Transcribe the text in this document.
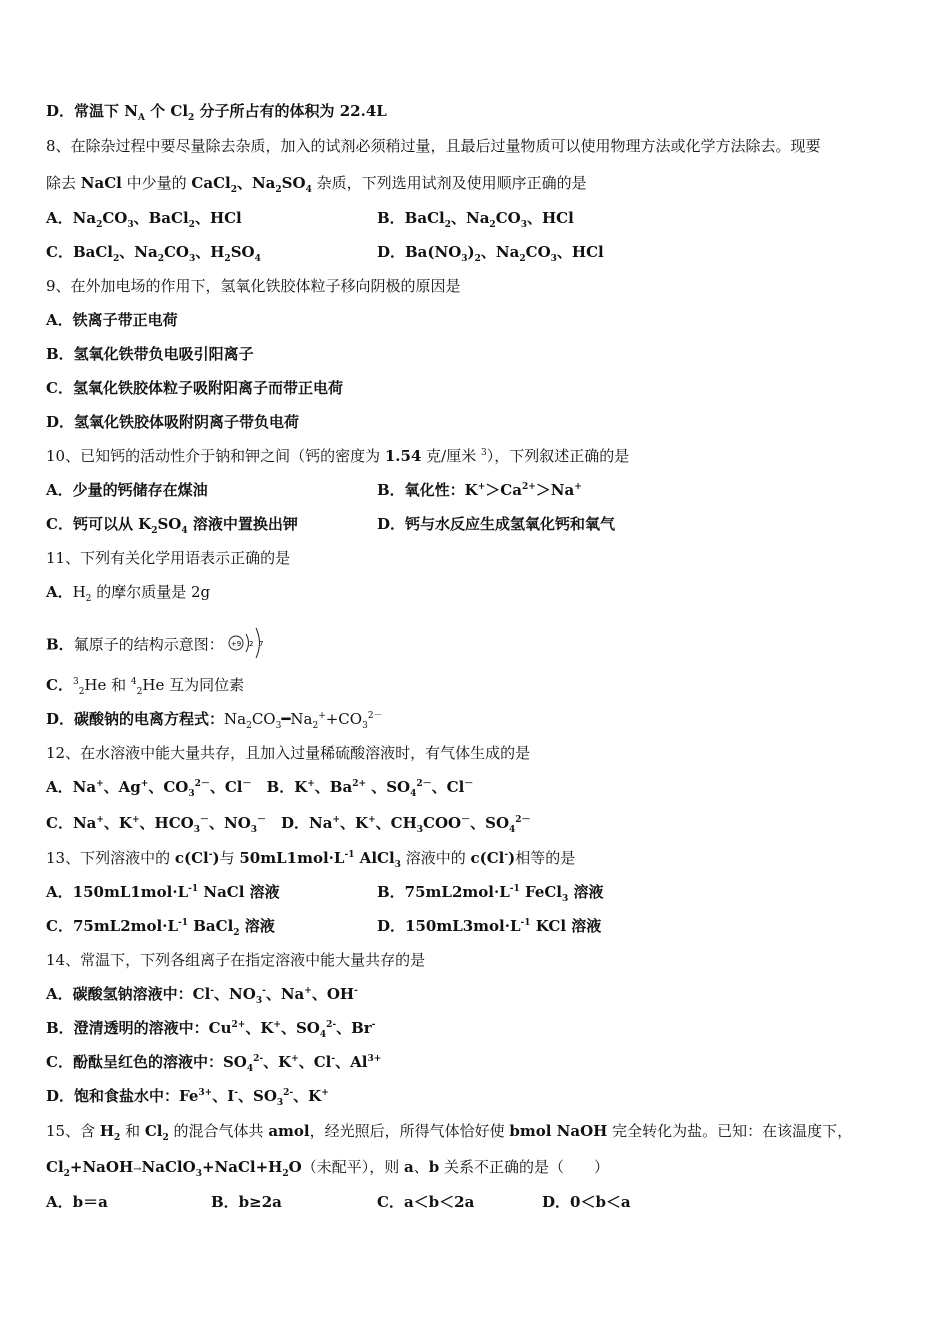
D．常温下 $N_A$ 个 $Cl_2$ 分子所占有的体积为 22.4L
8、在除杂过程中要尽量除去杂质，加入的试剂必须稍过量，且最后过量物质可以使用物理方法或化学方法除去。现要
除去 NaCl 中少量的 CaCl$_2$、$Na_2SO_4$ 杂质，下列选用试剂及使用顺序正确的是
A．$Na_2CO_3$、BaCl$_2$、HCl	B．BaCl$_2$、$Na_2CO_3$、HCl
C．BaCl$_2$、$Na_2CO_3$、$H_2SO_4$	D．$Ba(NO_3)_2$、$Na_2CO_3$、HCl
9、在外加电场的作用下，氢氧化铁胶体粒子移向阴极的原因是
A．铁离子带正电荷
B．氢氧化铁带负电吸引阳离子
C．氢氧化铁胶体粒子吸附阳离子而带正电荷
D．氢氧化铁胶体吸附阴离子带负电荷
10、已知钙的活动性介于钠和钾之间（钙的密度为 1.54 克/厘米 $^3$），下列叙述正确的是
A．少量的钙储存在煤油	B．氧化性：$K^+>Ca^{2+}>Na^+$
C．钙可以从 $K_2SO_4$ 溶液中置换出钾	D．钙与水反应生成氢氧化钙和氧气
11、下列有关化学用语表示正确的是
A．$H_2$ 的摩尔质量是 2g
B．氟原子的结构示意图： +9 2 7
C．$^3_2$He 和 $^4_2$He 互为同位素
D．碳酸钠的电离方程式：$Na_2CO_3━Na_2^++CO_3^{2-}$
12、在水溶液中能大量共存，且加入过量稀硫酸溶液时，有气体生成的是
A．Na+、Ag+、$CO_3^{2-}$、Cl－　B．K+、$Ba^{2+}$ 、$SO_4^{2-}$、Cl－
C．Na+、K+、$HCO_3^-$、$NO_3^-$　D．Na+、K+、$CH_3COO^-$、$SO_4^{2-}$
13、下列溶液中的 c(Cl-)与 $50mL1mol\cdot L^{-1}$ AlCl$_3$ 溶液中的 c(Cl-)相等的是
A．$150mL1mol\cdot L^{-1}$ NaCl 溶液	B．$75mL2mol\cdot L^{-1}$ FeCl$_3$ 溶液
C．$75mL2mol\cdot L^{-1}$ BaCl$_2$ 溶液	D．$150mL3mol\cdot L^{-1}$ KCl 溶液
14、常温下，下列各组离子在指定溶液中能大量共存的是
A．碳酸氢钠溶液中：Cl-、$NO_3^-$、Na+、OH-
B．澄清透明的溶液中：$Cu^{2+}$、K+、$SO_4^{2-}$、Br-
C．酚酞呈红色的溶液中：$SO_4^{2-}$、K+、Cl-、$Al^{3+}$
D．饱和食盐水中：$Fe^{3+}$、I-、$SO_3^{2-}$、K+
15、含 $H_2$ 和 $Cl_2$ 的混合气体共 amol，经光照后，所得气体恰好使 bmol NaOH 完全转化为盐。已知：在该温度下，
$Cl_2+NaOH\to NaClO_3+NaCl+H_2O$（未配平），则 a、b 关系不正确的是（　　）
A．b＝a	B．b≥2a	C．a＜b＜2a	D．0＜b＜a
